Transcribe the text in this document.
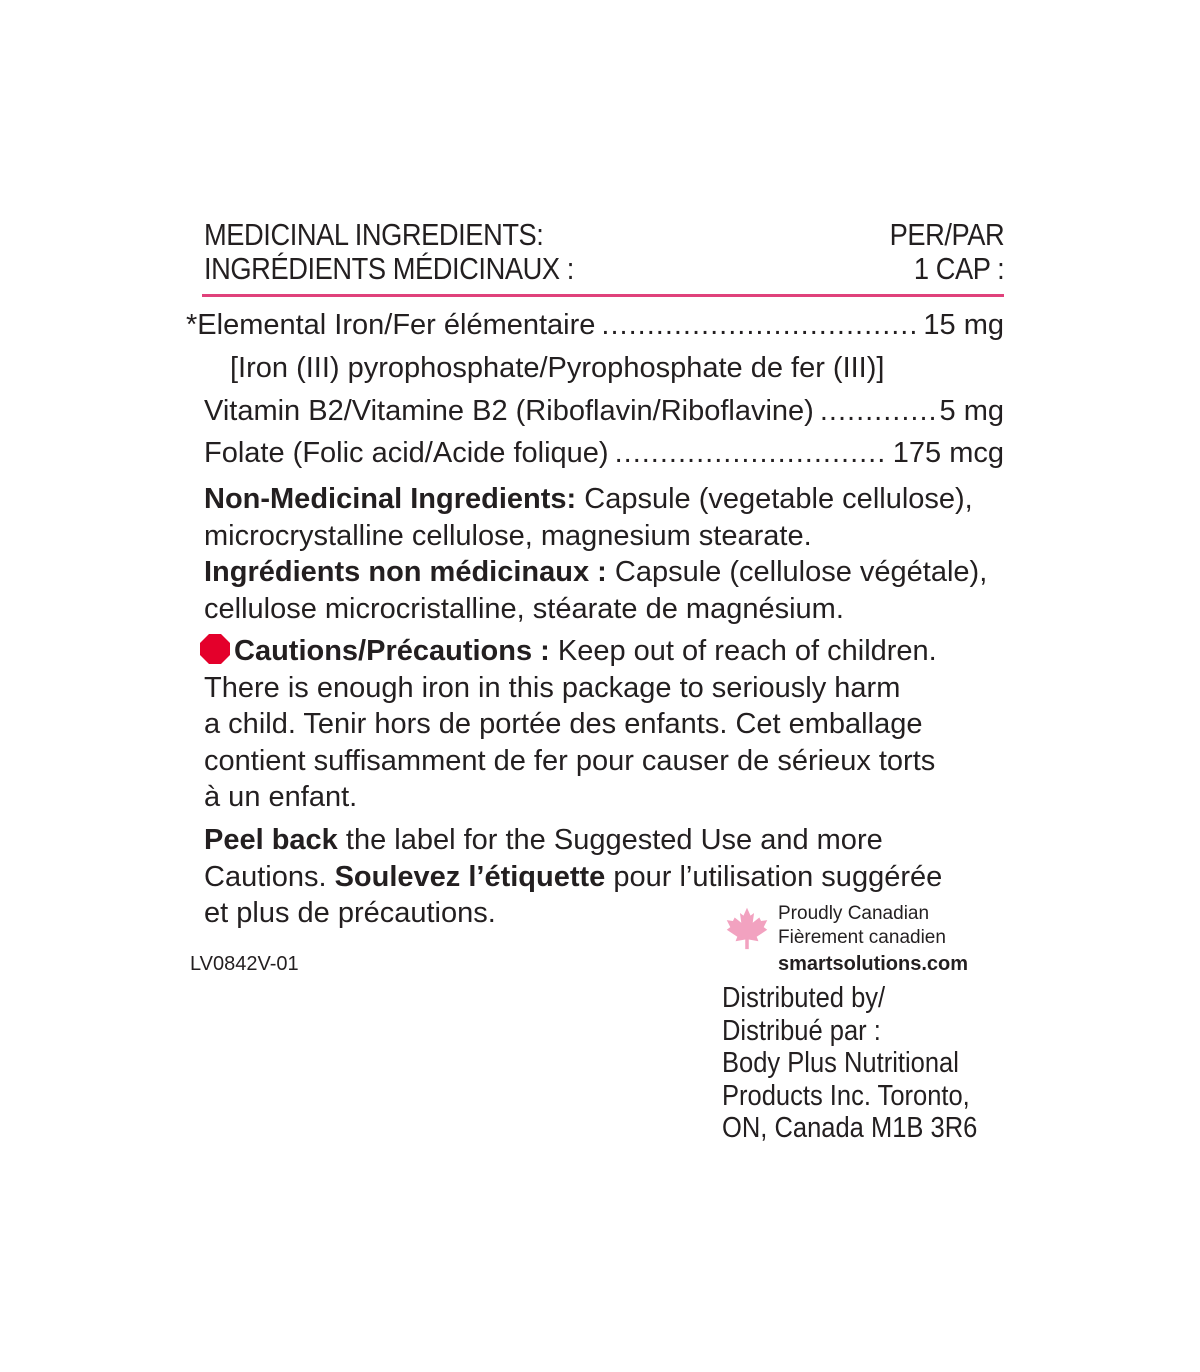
MEDICINAL INGREDIENTS:
INGRÉDIENTS MÉDICINAUX :
PER/PAR
1 CAP :
*Elemental Iron/Fer élémentaire .....	15 mg
[Iron (III) pyrophosphate/Pyrophosphate de fer (III)]
Vitamin B2/Vitamine B2 (Riboflavin/Riboflavine) .....	5 mg
Folate (Folic acid/Acide folique) .....	175 mcg
Non-Medicinal Ingredients: Capsule (vegetable cellulose),
microcrystalline cellulose, magnesium stearate.
Ingrédients non médicinaux : Capsule (cellulose végétale),
cellulose microcristalline, stéarate de magnésium.
Cautions/Précautions : Keep out of reach of children.
There is enough iron in this package to seriously harm
a child. Tenir hors de portée des enfants. Cet emballage
contient suffisamment de fer pour causer de sérieux torts
à un enfant.
Peel back the label for the Suggested Use and more
Cautions. Soulevez l’étiquette pour l’utilisation suggérée
et plus de précautions.
LV0842V-01
Proudly Canadian
Fièrement canadien
smartsolutions.com
Distributed by/
Distribué par :
Body Plus Nutritional
Products Inc. Toronto,
ON, Canada M1B 3R6
